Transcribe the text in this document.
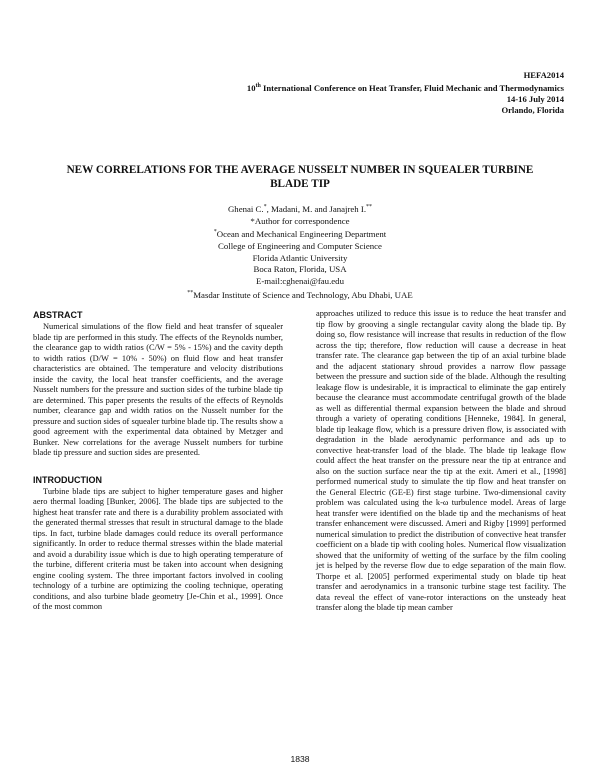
HEFA2014
10th International Conference on Heat Transfer, Fluid Mechanic and Thermodynamics
14-16 July 2014
Orlando, Florida
NEW CORRELATIONS FOR THE AVERAGE NUSSELT NUMBER IN SQUEALER TURBINE
BLADE TIP
Ghenai C.*, Madani, M. and Janajreh I.**
*Author for correspondence
*Ocean and Mechanical Engineering Department
College of Engineering and Computer Science
Florida Atlantic University
Boca Raton, Florida, USA
E-mail:cghenai@fau.edu
**Masdar Institute of Science and Technology, Abu Dhabi, UAE
ABSTRACT

Numerical simulations of the flow field and heat transfer of squealer blade tip are performed in this study. The effects of the Reynolds number, the clearance gap to width ratios (C/W = 5% - 15%) and the cavity depth to width ratios (D/W = 10% - 50%) on fluid flow and heat transfer characteristics are obtained. The temperature and velocity distributions inside the cavity, the local heat transfer coefficients, and the average Nusselt numbers for the pressure and suction sides of the turbine blade tip are determined. This paper presents the results of the effects of Reynolds number, clearance gap and width ratios on the Nusselt number for the pressure and suction sides of squealer turbine blade tip. The results show a good agreement with the experimental data obtained by Metzger and Bunker. New correlations for the average Nusselt numbers for turbine blade tip pressure and suction sides are presented.

INTRODUCTION

Turbine blade tips are subject to higher temperature gases and higher aero thermal loading [Bunker, 2006]. The blade tips are subjected to the highest heat transfer rate and there is a durability problem associated with the generated thermal stresses that result in structural damage to the blade tips. In fact, turbine blade damages could reduce its overall performance significantly. In order to reduce thermal stresses within the blade material and avoid a durability issue which is due to high operating temperature of the turbine, different criteria must be taken into account when designing engine cooling system. The three important factors involved in cooling technology of a turbine are optimizing the cooling technique, operating conditions, and also turbine blade geometry [Je-Chin et al., 1999]. Once of the most common

approaches utilized to reduce this issue is to reduce the heat transfer and tip flow by grooving a single rectangular cavity along the blade tip. By doing so, flow resistance will increase that results in reduction of the flow across the tip; therefore, flow reduction will cause a decrease in heat transfer rate. The clearance gap between the tip of an axial turbine blade and the adjacent stationary shroud provides a narrow flow passage between the pressure and suction side of the blade. Although the resulting leakage flow is undesirable, it is impractical to eliminate the gap entirely because the clearance must accommodate centrifugal growth of the blade as well as differential thermal expansion between the blade and shroud through a variety of operating conditions [Henneke, 1984]. In general, blade tip leakage flow, which is a pressure driven flow, is associated with degradation in the blade aerodynamic performance and ads up to convective heat-transfer load of the blade. The blade tip leakage flow could affect the heat transfer on the pressure near the tip at entrance and also on the suction surface near the tip at the exit. Ameri et al., [1998] performed numerical study to simulate the tip flow and heat transfer on the General Electric (GE-E) first stage turbine. Two-dimensional cavity problem was calculated using the k-ω turbulence model. Areas of large heat transfer were identified on the blade tip and the mechanisms of heat transfer enhancement were discussed. Ameri and Rigby [1999] performed numerical simulation to predict the distribution of convective heat transfer coefficient on a blade tip with cooling holes. Numerical flow visualization showed that the uniformity of wetting of the surface by the film cooling jet is helped by the reverse flow due to edge separation of the main flow. Thorpe et al. [2005] performed experimental study on blade tip heat transfer and aerodynamics in a transonic turbine stage test facility. The data reveal the effect of vane-rotor interactions on the unsteady heat transfer along the blade tip mean camber

1838
